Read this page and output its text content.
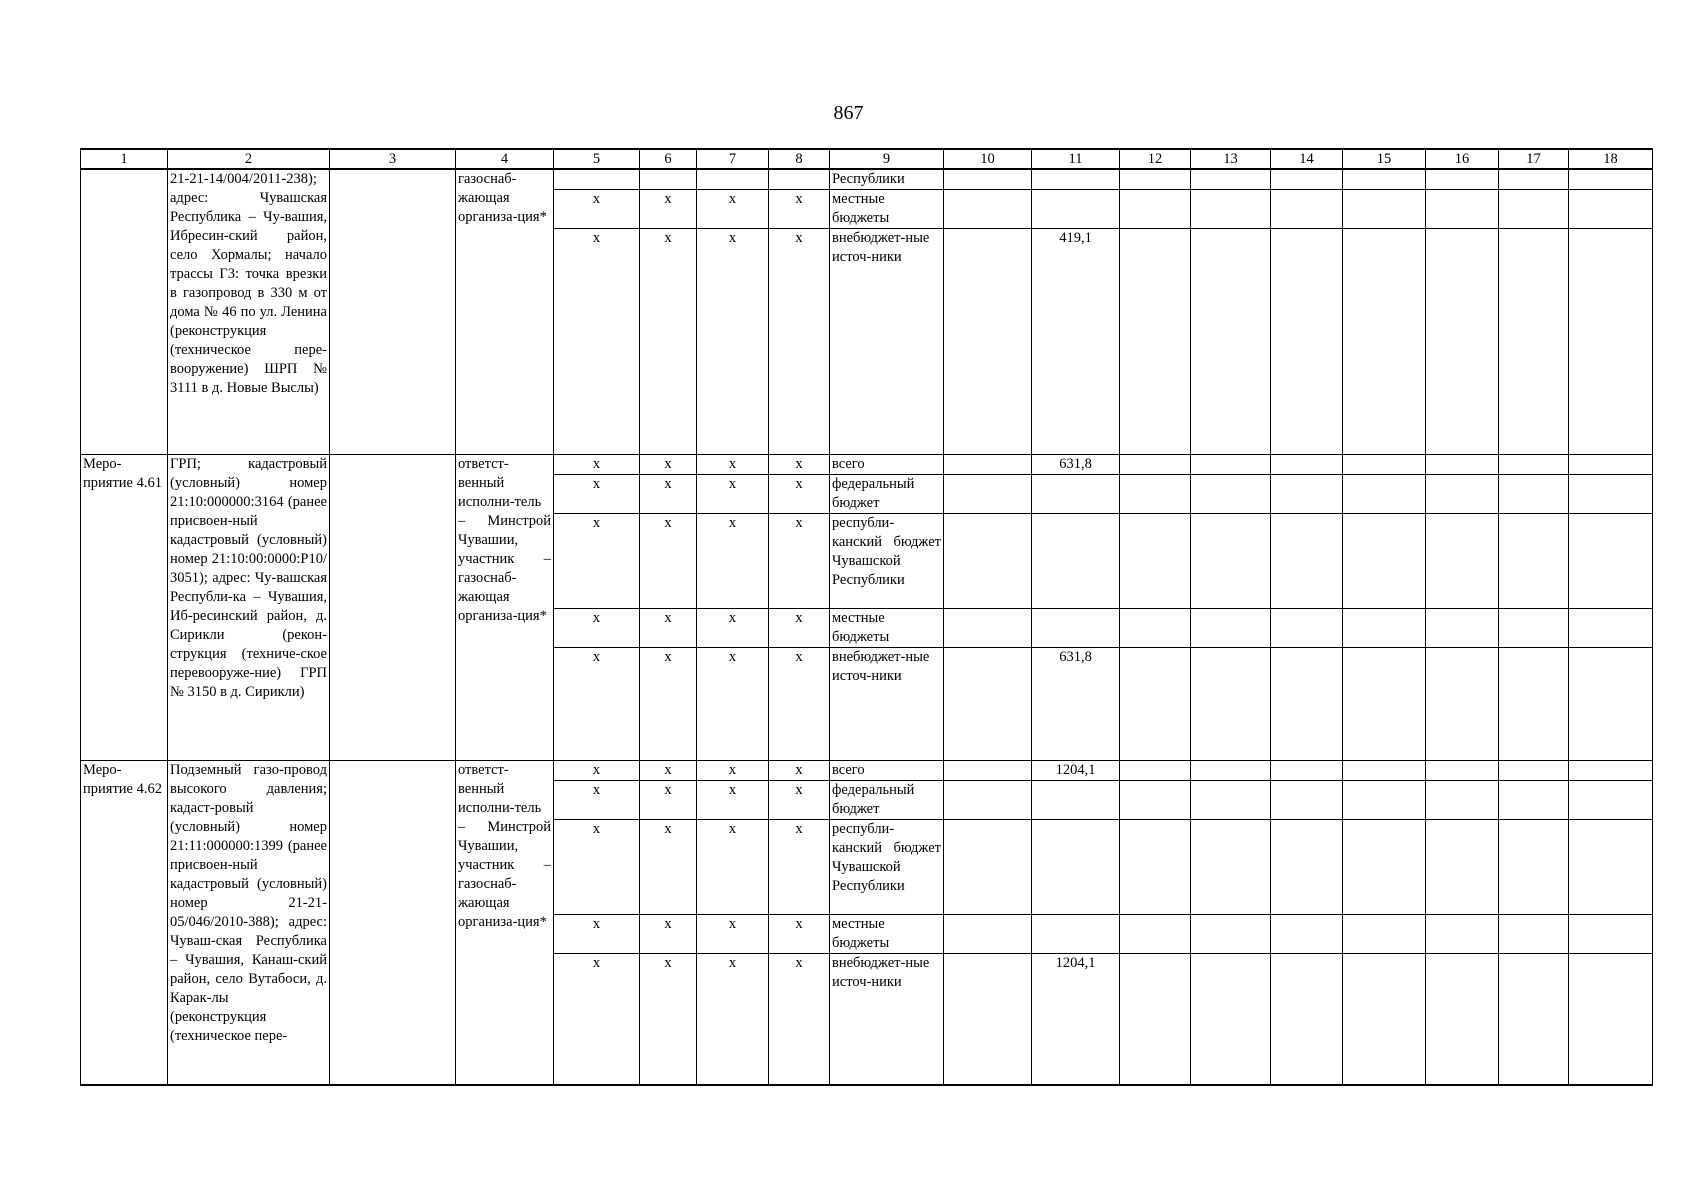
867
1	2	3	4	5	6	7	8	9	10	11	12	13	14	15	16	17	18
	21-21-14/004/2011-238); адрес: Чувашская Республика – Чу-вашия, Ибресин-ский район, село Хормалы; начало трассы Г3: точка врезки в газопровод в 330 м от дома № 46 по ул. Ленина (реконструкция (техническое пере-вооружение) ШРП № 3111 в д. Новые Выслы)		газоснаб-жающая организа-ция*					Республики									
				х	х	х	х	местные бюджеты									
				х	х	х	х	внебюджет-ные источ-ники		419,1							
Меро-приятие 4.61	ГРП; кадастровый (условный) номер 21:10:000000:3164 (ранее присвоен-ный кадастровый (условный) номер 21:10:00:0000:Р10/ 3051); адрес: Чу-вашская Республи-ка – Чувашия, Иб-ресинский район, д. Сирикли (рекон-струкция (техниче-ское перевооруже-ние) ГРП № 3150 в д. Сирикли)		ответст-венный исполни-тель – Минстрой Чувашии, участник – газоснаб-жающая организа-ция*	х	х	х	х	всего		631,8							
				х	х	х	х	федеральный бюджет									
				х	х	х	х	республи-канский бюджет Чувашской Республики									
				х	х	х	х	местные бюджеты									
				х	х	х	х	внебюджет-ные источ-ники		631,8							
Меро-приятие 4.62	Подземный газо-провод высокого давления; кадаст-ровый (условный) номер 21:11:000000:1399 (ранее присвоен-ный кадастровый (условный) номер 21-21-05/046/2010-388); адрес: Чуваш-ская Республика – Чувашия, Канаш-ский район, село Вутабоси, д. Карак-лы (реконструкция (техническое пере-		ответст-венный исполни-тель – Минстрой Чувашии, участник – газоснаб-жающая организа-ция*	х	х	х	х	всего		1204,1							
				х	х	х	х	федеральный бюджет									
				х	х	х	х	республи-канский бюджет Чувашской Республики									
				х	х	х	х	местные бюджеты									
				х	х	х	х	внебюджет-ные источ-ники		1204,1							
